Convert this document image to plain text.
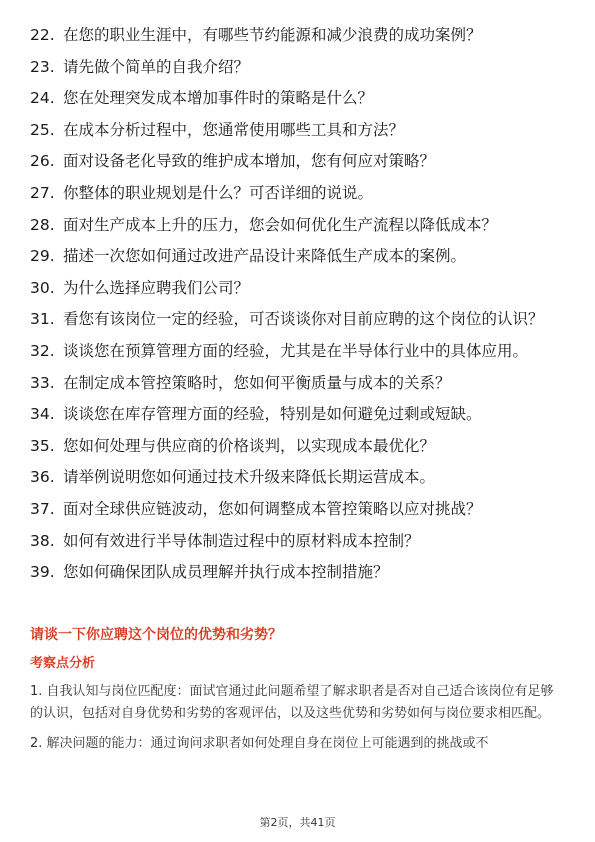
22. 在您的职业生涯中，有哪些节约能源和减少浪费的成功案例？
23. 请先做个简单的自我介绍？
24. 您在处理突发成本增加事件时的策略是什么？
25. 在成本分析过程中，您通常使用哪些工具和方法？
26. 面对设备老化导致的维护成本增加，您有何应对策略？
27. 你整体的职业规划是什么？可否详细的说说。
28. 面对生产成本上升的压力，您会如何优化生产流程以降低成本？
29. 描述一次您如何通过改进产品设计来降低生产成本的案例。
30. 为什么选择应聘我们公司？
31. 看您有该岗位一定的经验，可否谈谈你对目前应聘的这个岗位的认识？
32. 谈谈您在预算管理方面的经验，尤其是在半导体行业中的具体应用。
33. 在制定成本管控策略时，您如何平衡质量与成本的关系？
34. 谈谈您在库存管理方面的经验，特别是如何避免过剩或短缺。
35. 您如何处理与供应商的价格谈判，以实现成本最优化？
36. 请举例说明您如何通过技术升级来降低长期运营成本。
37. 面对全球供应链波动，您如何调整成本管控策略以应对挑战？
38. 如何有效进行半导体制造过程中的原材料成本控制？
39. 您如何确保团队成员理解并执行成本控制措施？
请谈一下你应聘这个岗位的优势和劣势？
考察点分析

1. 自我认知与岗位匹配度：面试官通过此问题希望了解求职者是否对自己适合该岗位有足够的认识，包括对自身优势和劣势的客观评估，以及这些优势和劣势如何与岗位要求相匹配。

2. 解决问题的能力：通过询问求职者如何处理自身在岗位上可能遇到的挑战或不

第2页，共41页
